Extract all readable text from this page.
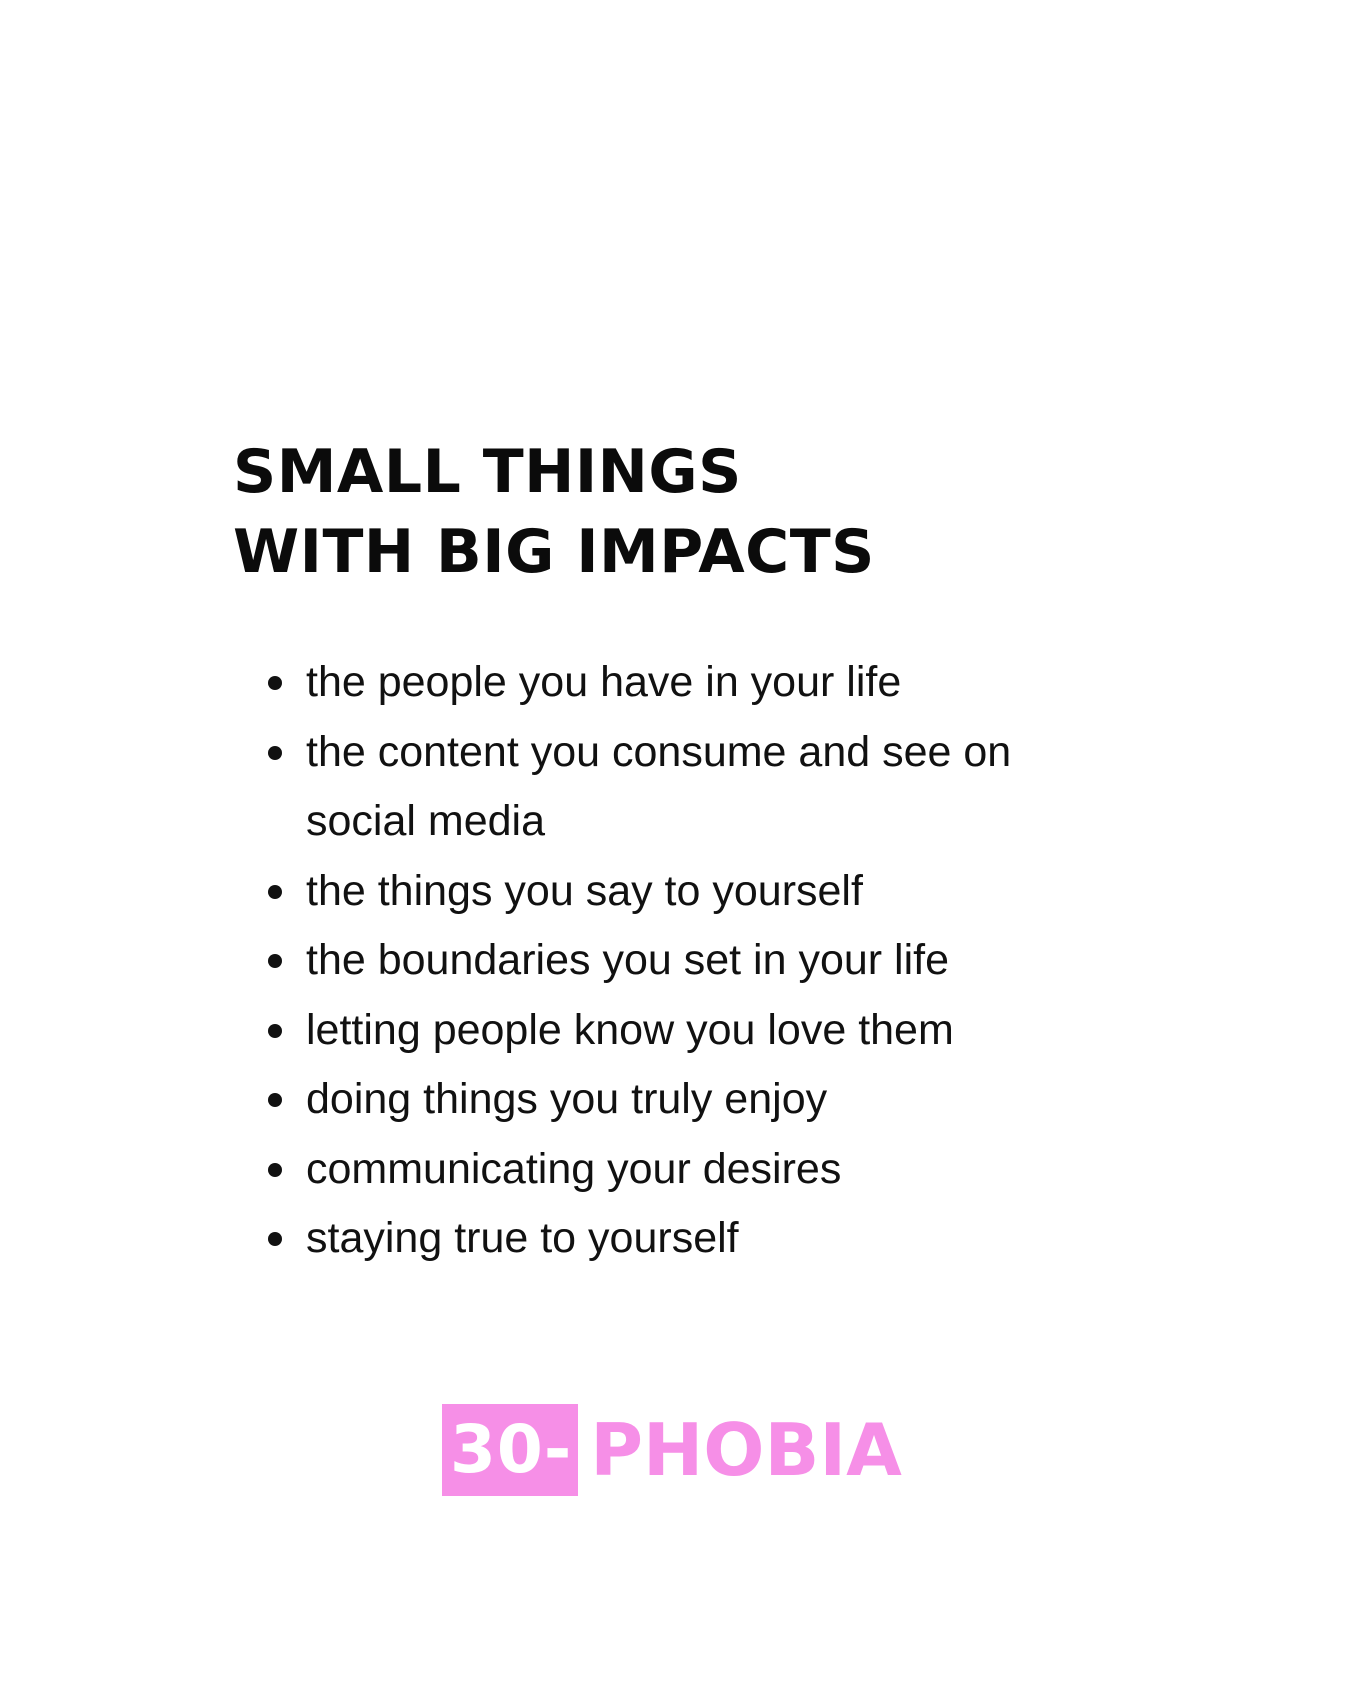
SMALL THINGS
WITH BIG IMPACTS
the people you have in your life
the content you consume and see on social media
the things you say to yourself
the boundaries you set in your life
letting people know you love them
doing things you truly enjoy
communicating your desires
staying true to yourself
30- PHOBIA
